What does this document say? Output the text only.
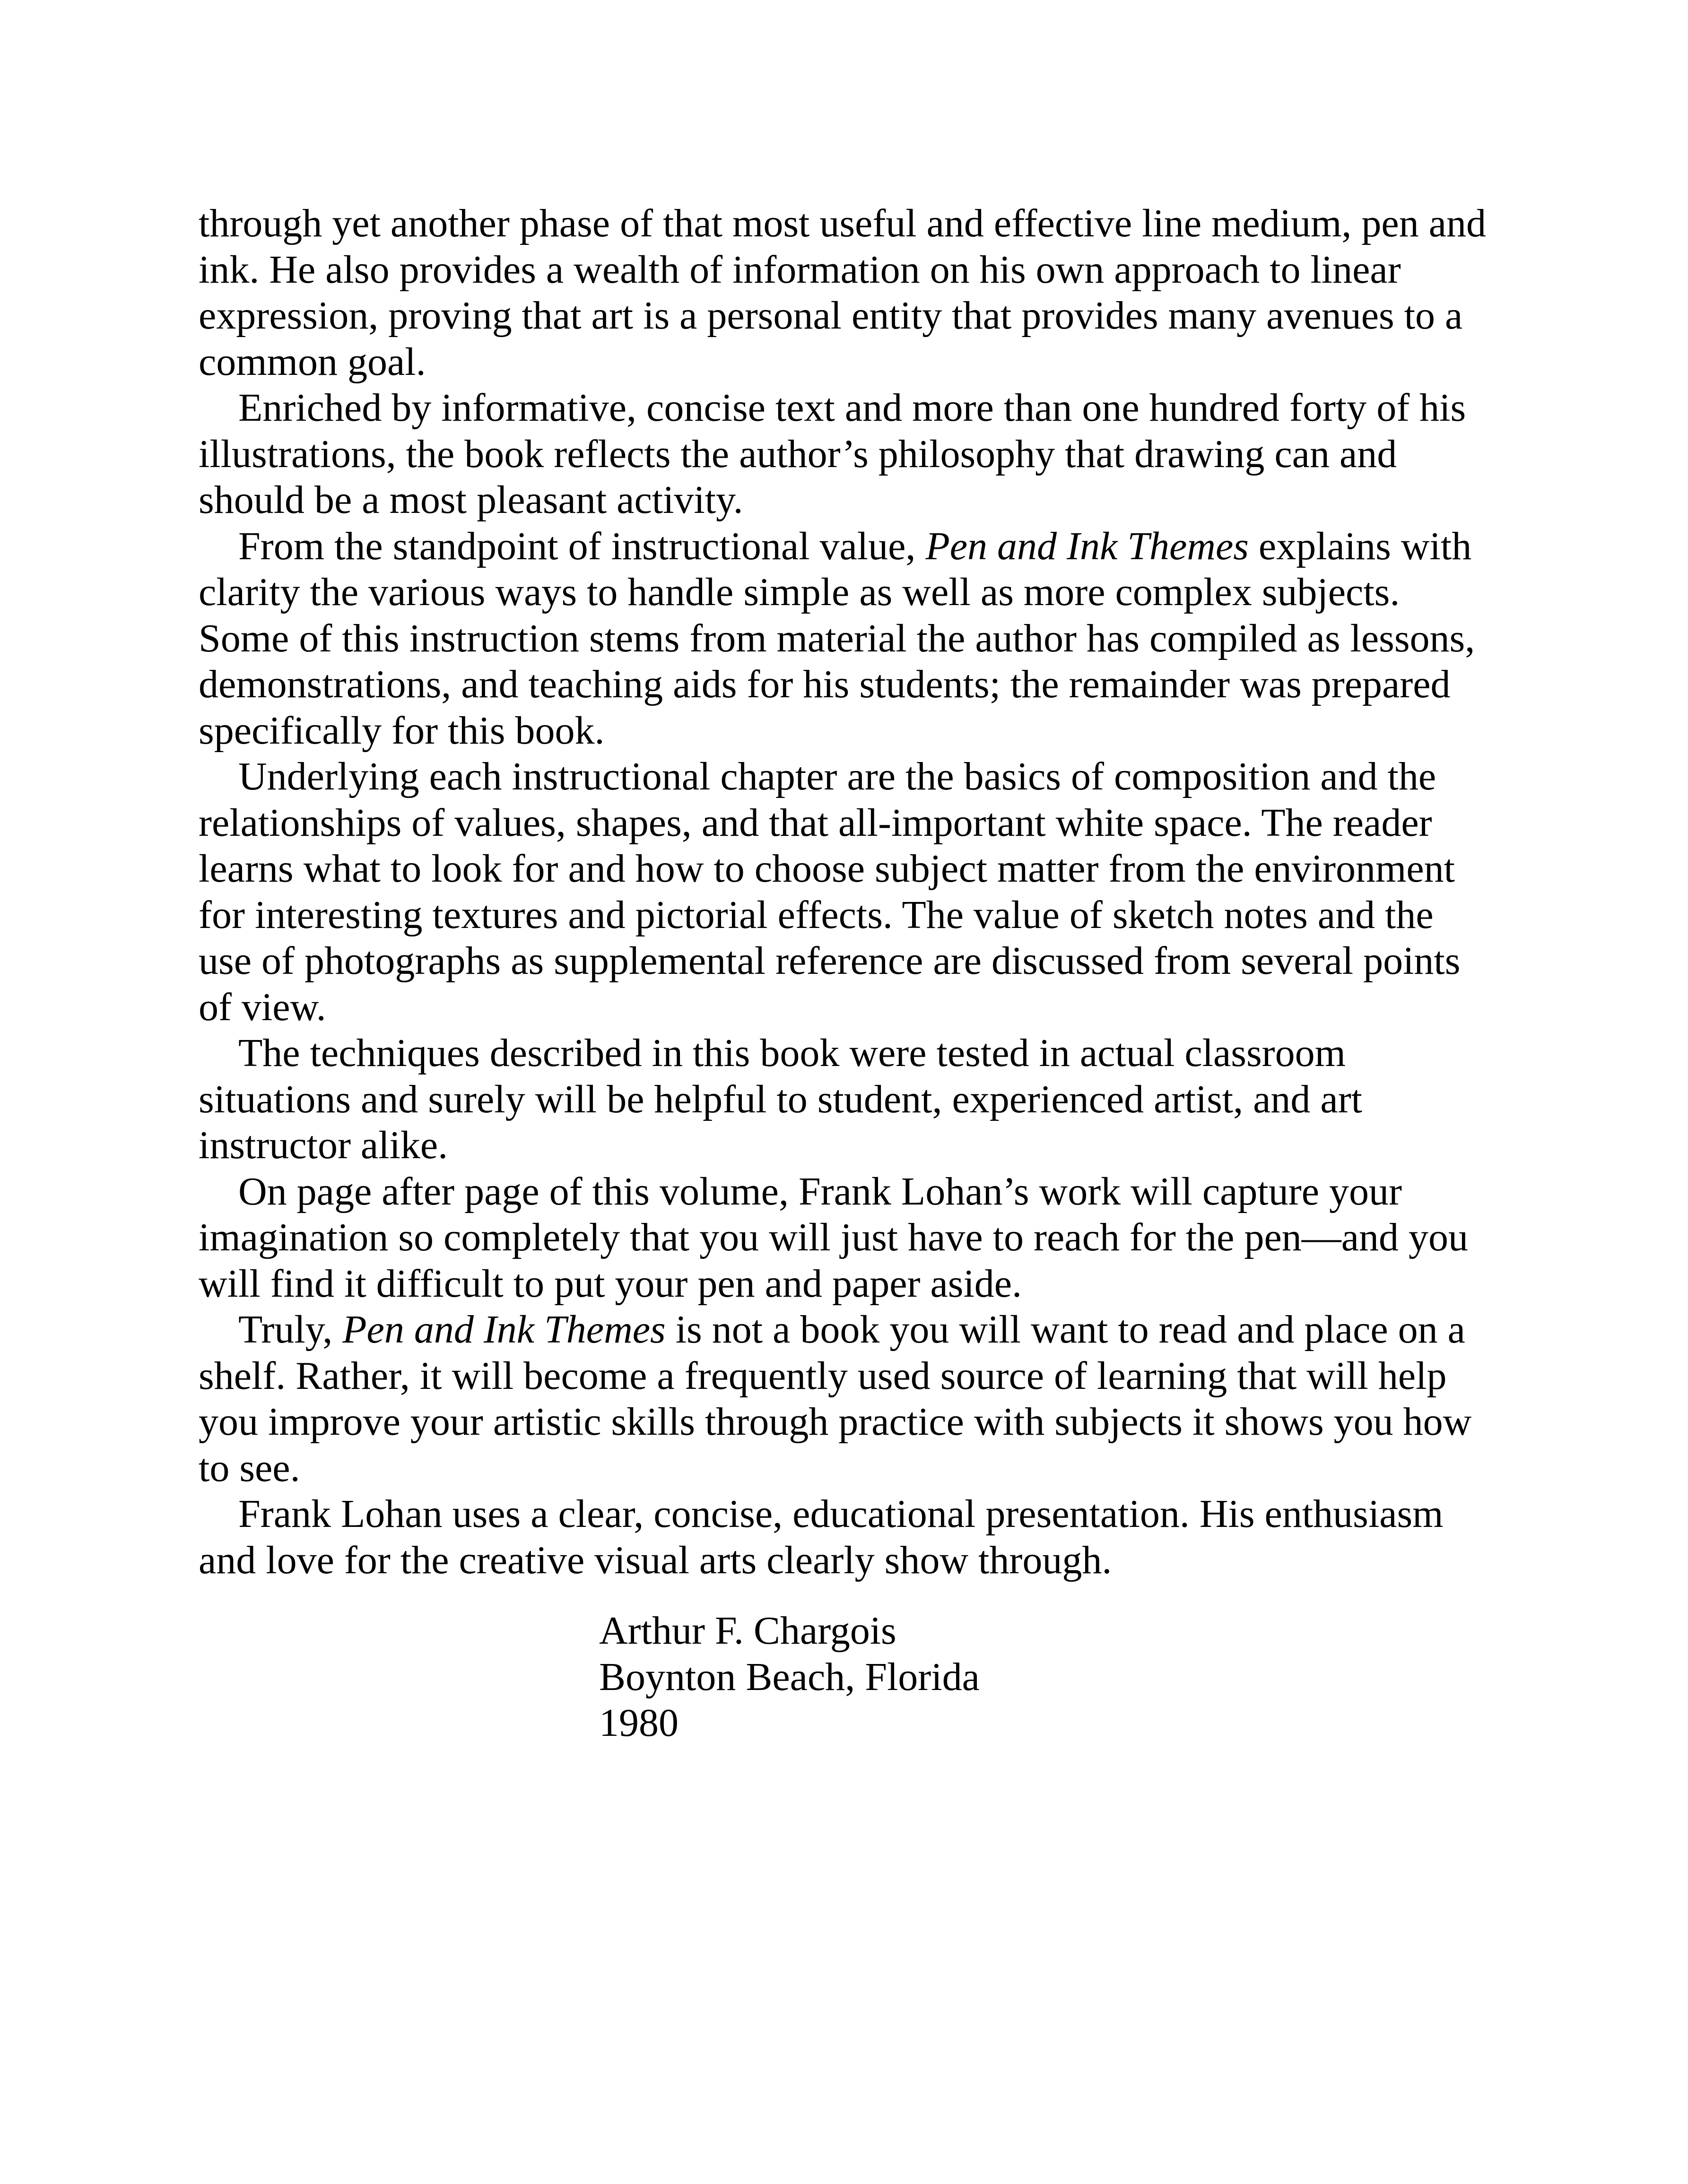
through yet another phase of that most useful and effective line medium, pen and
ink. He also provides a wealth of information on his own approach to linear
expression, proving that art is a personal entity that provides many avenues to a
common goal.
Enriched by informative, concise text and more than one hundred forty of his
illustrations, the book reflects the author’s philosophy that drawing can and
should be a most pleasant activity.
From the standpoint of instructional value, Pen and Ink Themes explains with
clarity the various ways to handle simple as well as more complex subjects.
Some of this instruction stems from material the author has compiled as lessons,
demonstrations, and teaching aids for his students; the remainder was prepared
specifically for this book.
Underlying each instructional chapter are the basics of composition and the
relationships of values, shapes, and that all-important white space. The reader
learns what to look for and how to choose subject matter from the environment
for interesting textures and pictorial effects. The value of sketch notes and the
use of photographs as supplemental reference are discussed from several points
of view.
The techniques described in this book were tested in actual classroom
situations and surely will be helpful to student, experienced artist, and art
instructor alike.
On page after page of this volume, Frank Lohan’s work will capture your
imagination so completely that you will just have to reach for the pen—and you
will find it difficult to put your pen and paper aside.
Truly, Pen and Ink Themes is not a book you will want to read and place on a
shelf. Rather, it will become a frequently used source of learning that will help
you improve your artistic skills through practice with subjects it shows you how
to see.
Frank Lohan uses a clear, concise, educational presentation. His enthusiasm
and love for the creative visual arts clearly show through.
Arthur F. Chargois
Boynton Beach, Florida
1980
